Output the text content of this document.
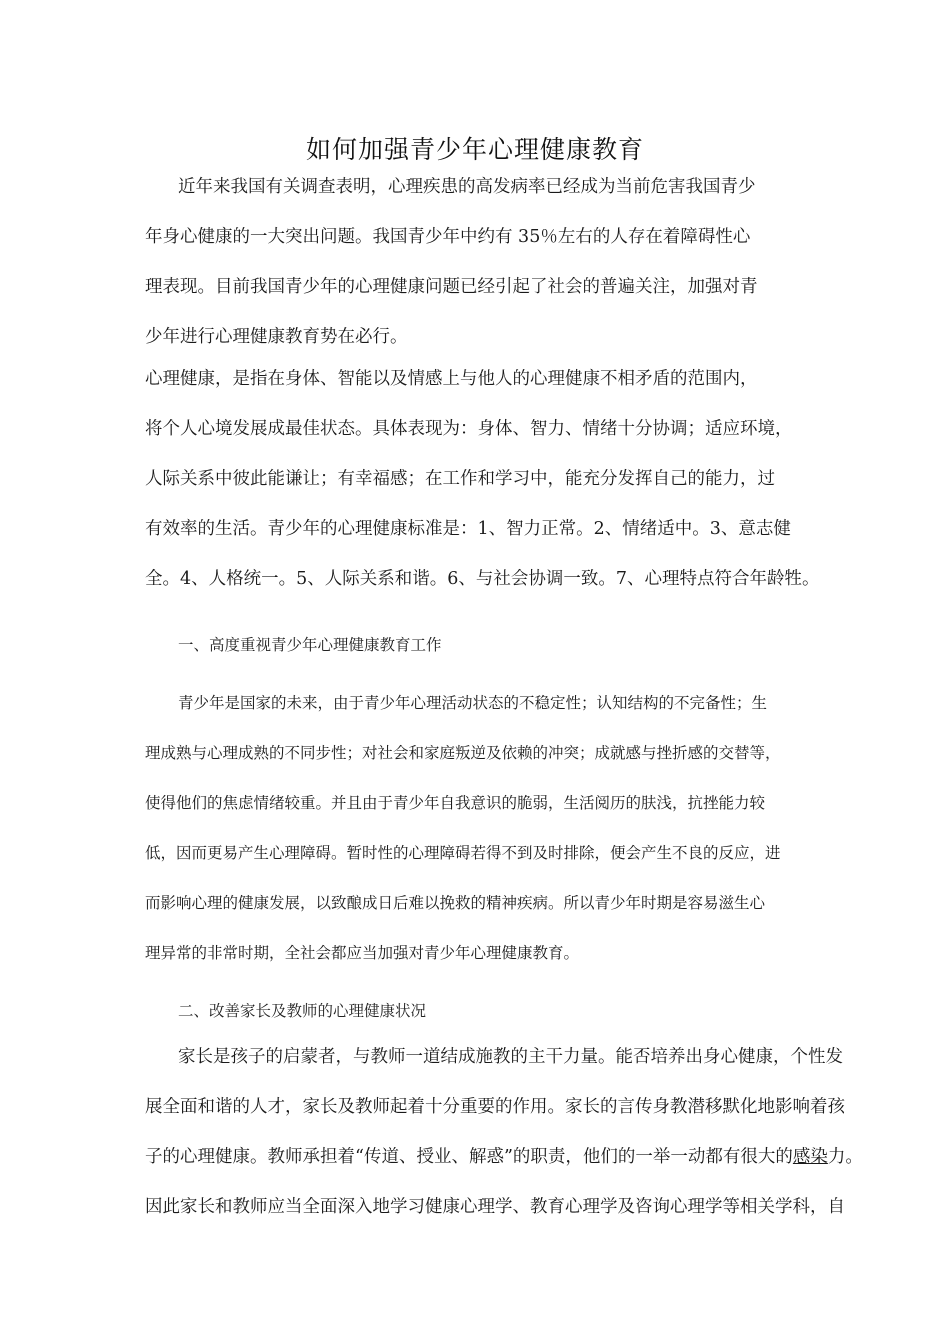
如何加强青少年心理健康教育
近年来我国有关调查表明，心理疾患的高发病率已经成为当前危害我国青少
年身心健康的一大突出问题。我国青少年中约有 35％左右的人存在着障碍性心
理表现。目前我国青少年的心理健康问题已经引起了社会的普遍关注，加强对青
少年进行心理健康教育势在必行。
心理健康，是指在身体、智能以及情感上与他人的心理健康不相矛盾的范围内，
将个人心境发展成最佳状态。具体表现为：身体、智力、情绪十分协调；适应环境，
人际关系中彼此能谦让；有幸福感；在工作和学习中，能充分发挥自己的能力，过
有效率的生活。青少年的心理健康标准是：1、智力正常。2、情绪适中。3、意志健
全。4、人格统一。5、人际关系和谐。6、与社会协调一致。7、心理特点符合年龄牲。
一、高度重视青少年心理健康教育工作
青少年是国家的未来，由于青少年心理活动状态的不稳定性；认知结构的不完备性；生
理成熟与心理成熟的不同步性；对社会和家庭叛逆及依赖的冲突；成就感与挫折感的交替等，
使得他们的焦虑情绪较重。并且由于青少年自我意识的脆弱，生活阅历的肤浅，抗挫能力较
低，因而更易产生心理障碍。暂时性的心理障碍若得不到及时排除，便会产生不良的反应，进
而影响心理的健康发展，以致酿成日后难以挽救的精神疾病。所以青少年时期是容易滋生心
理异常的非常时期，全社会都应当加强对青少年心理健康教育。
二、改善家长及教师的心理健康状况
家长是孩子的启蒙者，与教师一道结成施教的主干力量。能否培养出身心健康，个性发
展全面和谐的人才，家长及教师起着十分重要的作用。家长的言传身教潜移默化地影响着孩
子的心理健康。教师承担着“传道、授业、解惑”的职责，他们的一举一动都有很大的感染力。
因此家长和教师应当全面深入地学习健康心理学、教育心理学及咨询心理学等相关学科，自
